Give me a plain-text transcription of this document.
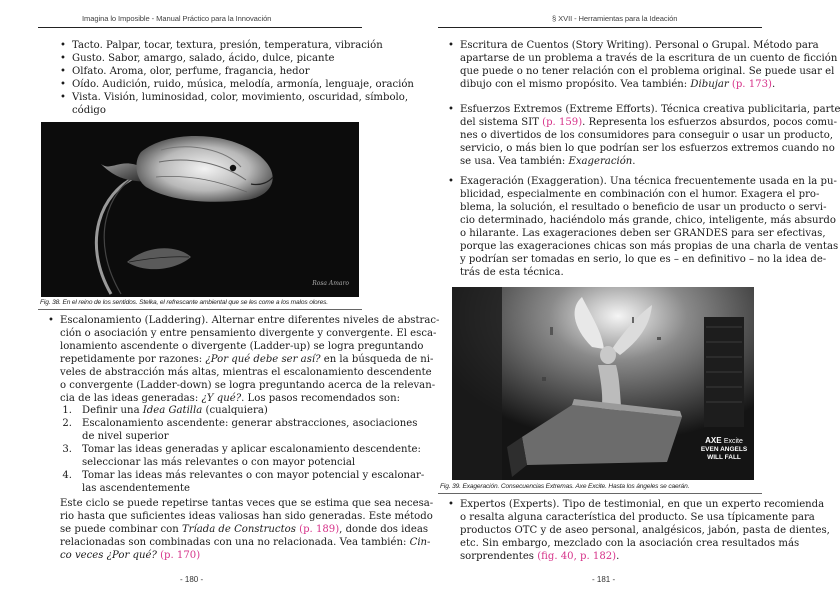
Imagina lo Imposible - Manual Práctico para la Innovación
• Tacto. Palpar, tocar, textura, presión, temperatura, vibración
• Gusto. Sabor, amargo, salado, ácido, dulce, picante
• Olfato. Aroma, olor, perfume, fragancia, hedor
• Oído. Audición, ruido, música, melodía, armonía, lenguaje, oración
• Vista. Visión, luminosidad, color, movimiento, oscuridad, símbolo,
código
Rosa Amaro
Fig. 38. En el reino de los sentidos. Stelka, el refrescante ambiental que se les come a los malos olores.
• Escalonamiento (Laddering). Alternar entre diferentes niveles de abstrac-
ción o asociación y entre pensamiento divergente y convergente. El esca-
lonamiento ascendente o divergente (Ladder-up) se logra preguntando
repetidamente por razones: ¿Por qué debe ser así? en la búsqueda de ni-
veles de abstracción más altas, mientras el escalonamiento descendente
o convergente (Ladder-down) se logra preguntando acerca de la relevan-
cia de las ideas generadas: ¿Y qué?. Los pasos recomendados son:
1. Definir una Idea Gatilla (cualquiera)
2. Escalonamiento ascendente: generar abstracciones, asociaciones
de nivel superior
3. Tomar las ideas generadas y aplicar escalonamiento descendente:
seleccionar las más relevantes o con mayor potencial
4. Tomar las ideas más relevantes o con mayor potencial y escalonar-
las ascendentemente
Este ciclo se puede repetirse tantas veces que se estima que sea necesa-
rio hasta que suficientes ideas valiosas han sido generadas. Este método
se puede combinar con Tríada de Constructos (p. 189), donde dos ideas
relacionadas son combinadas con una no relacionada. Vea también: Cin-
co veces ¿Por qué? (p. 170)
- 180 -
§ XVII - Herramientas para la Ideación
• Escritura de Cuentos (Story Writing). Personal o Grupal. Método para
apartarse de un problema a través de la escritura de un cuento de ficción
que puede o no tener relación con el problema original. Se puede usar el
dibujo con el mismo propósito. Vea también: Dibujar (p. 173).
• Esfuerzos Extremos (Extreme Efforts). Técnica creativa publicitaria, parte
del sistema SIT (p. 159). Representa los esfuerzos absurdos, pocos comu-
nes o divertidos de los consumidores para conseguir o usar un producto,
servicio, o más bien lo que podrían ser los esfuerzos extremos cuando no
se usa. Vea también: Exageración.
• Exageración (Exaggeration). Una técnica frecuentemente usada en la pu-
blicidad, especialmente en combinación con el humor. Exagera el pro-
blema, la solución, el resultado o beneficio de usar un producto o servi-
cio determinado, haciéndolo más grande, chico, inteligente, más absurdo
o hilarante. Las exageraciones deben ser GRANDES para ser efectivas,
porque las exageraciones chicas son más propias de una charla de ventas
y podrían ser tomadas en serio, lo que es – en definitivo – no la idea de-
trás de esta técnica.
AXE Excite
EVEN ANGELS
WILL FALL
Fig. 39. Exageración. Consecuencias Extremas. Axe Excite. Hasta los ángeles se caerán.
• Expertos (Experts). Tipo de testimonial, en que un experto recomienda
o resalta alguna característica del producto. Se usa típicamente para
productos OTC y de aseo personal, analgésicos, jabón, pasta de dientes,
etc. Sin embargo, mezclado con la asociación crea resultados más
sorprendentes (fig. 40, p. 182).
- 181 -
